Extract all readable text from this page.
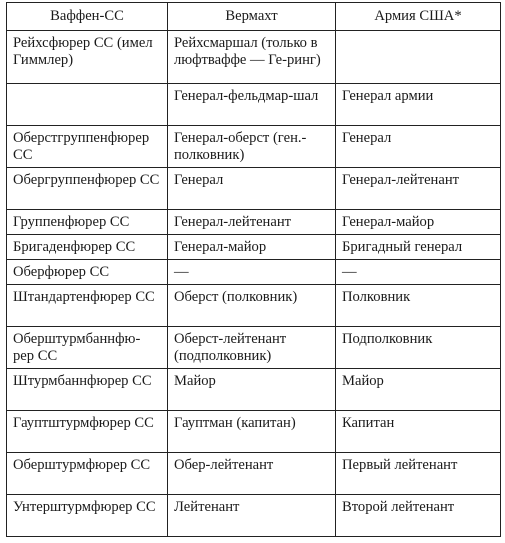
Ваффен-СС	Вермахт	Армия США*
Рейхсфюрер СС (имел Гиммлер)	Рейхсмаршал (только в люфтваффе — Ге-ринг)	
	Генерал-фельдмар-шал	Генерал армии
Оберстгруппенфюрер СС	Генерал-оберст (ген.-полковник)	Генерал
Обергруппенфюрер СС	Генерал	Генерал-лейтенант
Группенфюрер СС	Генерал-лейтенант	Генерал-майор
Бригаденфюрер СС	Генерал-майор	Бригадный генерал
Оберфюрер СС	—	—
Штандартенфюрер СС	Оберст (полковник)	Полковник
Оберштурмбаннфю-рер СС	Оберст-лейтенант (подполковник)	Подполковник
Штурмбаннфюрер СС	Майор	Майор
Гауптштурмфюрер СС	Гауптман (капитан)	Капитан
Оберштурмфюрер СС	Обер-лейтенант	Первый лейтенант
Унтерштурмфюрер СС	Лейтенант	Второй лейтенант
